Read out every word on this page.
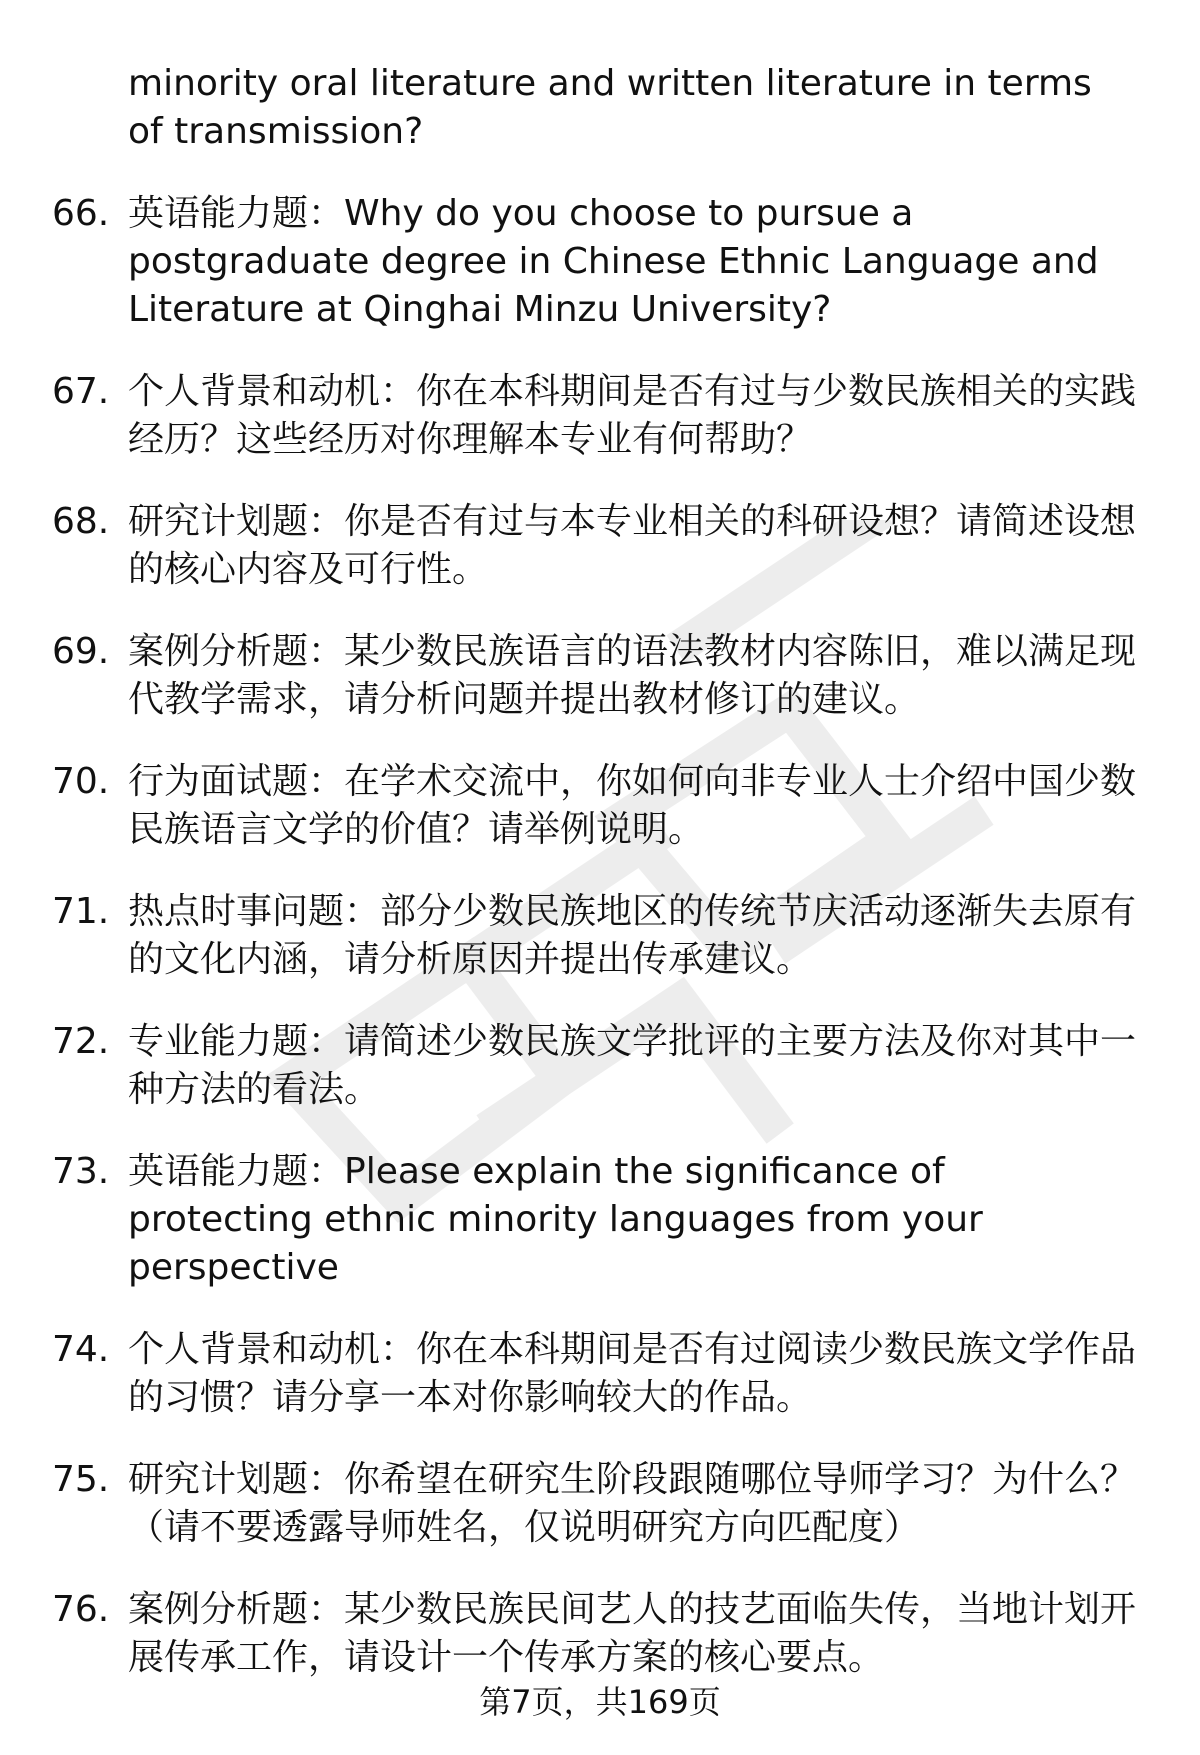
minority oral literature and written literature in terms of transmission?
66. 英语能力题：Why do you choose to pursue a postgraduate degree in Chinese Ethnic Language and Literature at Qinghai Minzu University?
67. 个人背景和动机：你在本科期间是否有过与少数民族相关的实践经历？这些经历对你理解本专业有何帮助？
68. 研究计划题：你是否有过与本专业相关的科研设想？请简述设想的核心内容及可行性。
69. 案例分析题：某少数民族语言的语法教材内容陈旧，难以满足现代教学需求，请分析问题并提出教材修订的建议。
70. 行为面试题：在学术交流中，你如何向非专业人士介绍中国少数民族语言文学的价值？请举例说明。
71. 热点时事问题：部分少数民族地区的传统节庆活动逐渐失去原有的文化内涵，请分析原因并提出传承建议。
72. 专业能力题：请简述少数民族文学批评的主要方法及你对其中一种方法的看法。
73. 英语能力题：Please explain the significance of protecting ethnic minority languages from your perspective
74. 个人背景和动机：你在本科期间是否有过阅读少数民族文学作品的习惯？请分享一本对你影响较大的作品。
75. 研究计划题：你希望在研究生阶段跟随哪位导师学习？为什么？（请不要透露导师姓名，仅说明研究方向匹配度）
76. 案例分析题：某少数民族民间艺人的技艺面临失传，当地计划开展传承工作，请设计一个传承方案的核心要点。
第7页，共169页
